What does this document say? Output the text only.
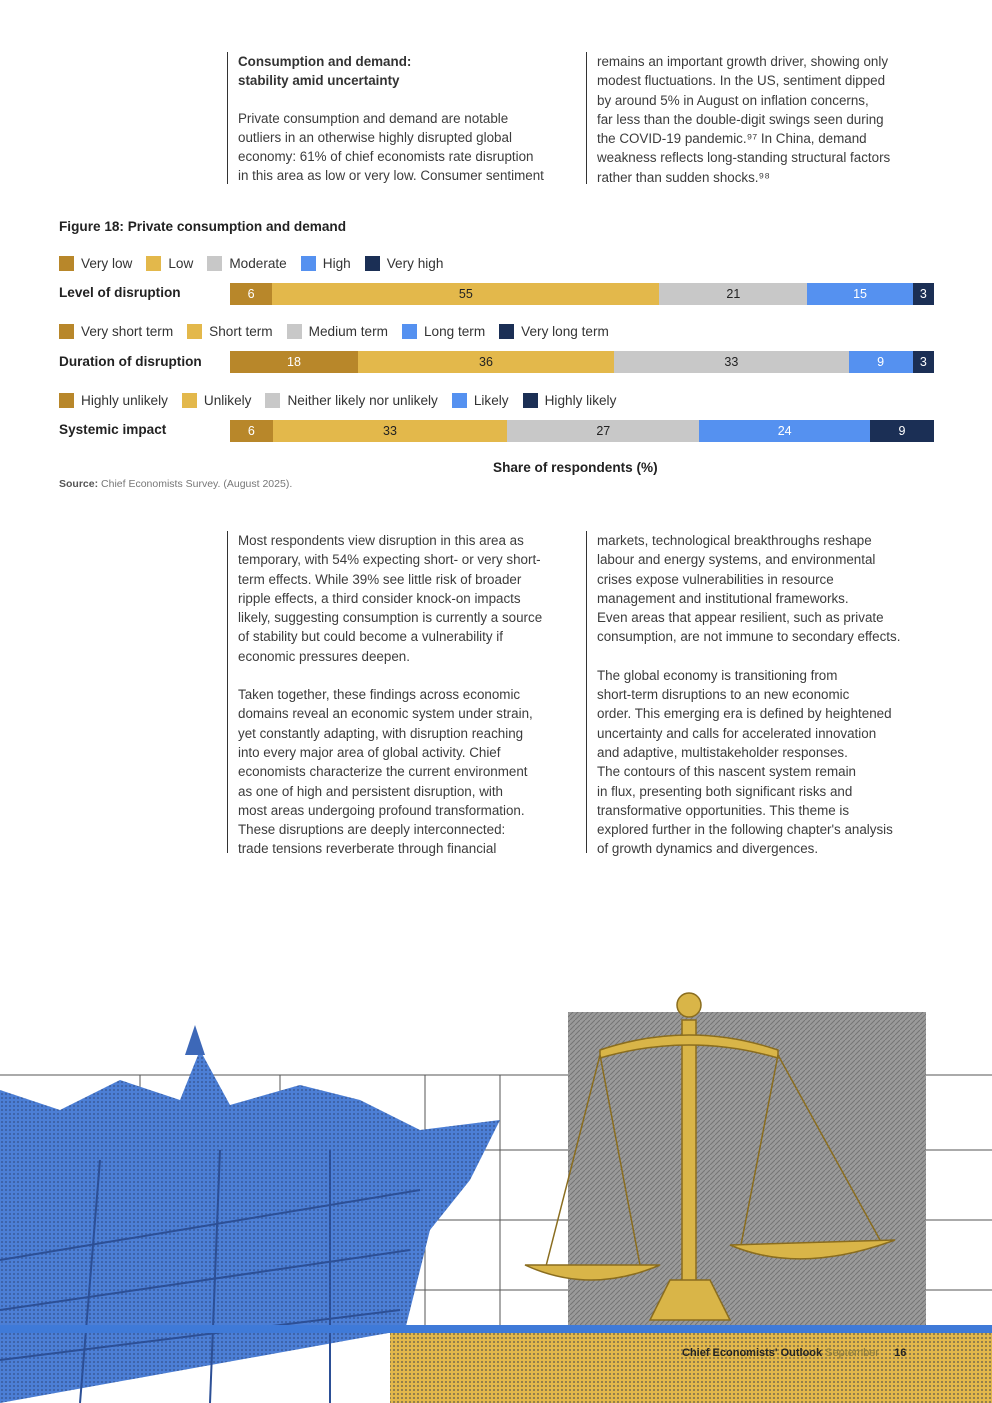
Consumption and demand:
stability amid uncertainty

Private consumption and demand are notable
outliers in an otherwise highly disrupted global
economy: 61% of chief economists rate disruption
in this area as low or very low. Consumer sentiment

remains an important growth driver, showing only
modest fluctuations. In the US, sentiment dipped
by around 5% in August on inflation concerns,
far less than the double-digit swings seen during
the COVID-19 pandemic.⁹⁷ In China, demand
weakness reflects long-standing structural factors
rather than sudden shocks.⁹⁸

Figure 18: Private consumption and demand
Very low	Low	Moderate	High	Very high
Level of disruption	6	55	21	15	3
Very short term	Short term	Medium term	Long term	Very long term
Duration of disruption	18	36	33	9	3
Highly unlikely	Unlikely	Neither likely nor unlikely	Likely	Highly likely
Systemic impact	6	33	27	24	9
Share of respondents (%)
Source: Chief Economists Survey. (August 2025).

Most respondents view disruption in this area as
temporary, with 54% expecting short- or very short-
term effects. While 39% see little risk of broader
ripple effects, a third consider knock-on impacts
likely, suggesting consumption is currently a source
of stability but could become a vulnerability if
economic pressures deepen.

Taken together, these findings across economic
domains reveal an economic system under strain,
yet constantly adapting, with disruption reaching
into every major area of global activity. Chief
economists characterize the current environment
as one of high and persistent disruption, with
most areas undergoing profound transformation.
These disruptions are deeply interconnected:
trade tensions reverberate through financial

markets, technological breakthroughs reshape
labour and energy systems, and environmental
crises expose vulnerabilities in resource
management and institutional frameworks.
Even areas that appear resilient, such as private
consumption, are not immune to secondary effects.

The global economy is transitioning from
short-term disruptions to an new economic
order. This emerging era is defined by heightened
uncertainty and calls for accelerated innovation
and adaptive, multistakeholder responses.
The contours of this nascent system remain
in flux, presenting both significant risks and
transformative opportunities. This theme is
explored further in the following chapter's analysis
of growth dynamics and divergences.

Chief Economists' Outlook September 16
